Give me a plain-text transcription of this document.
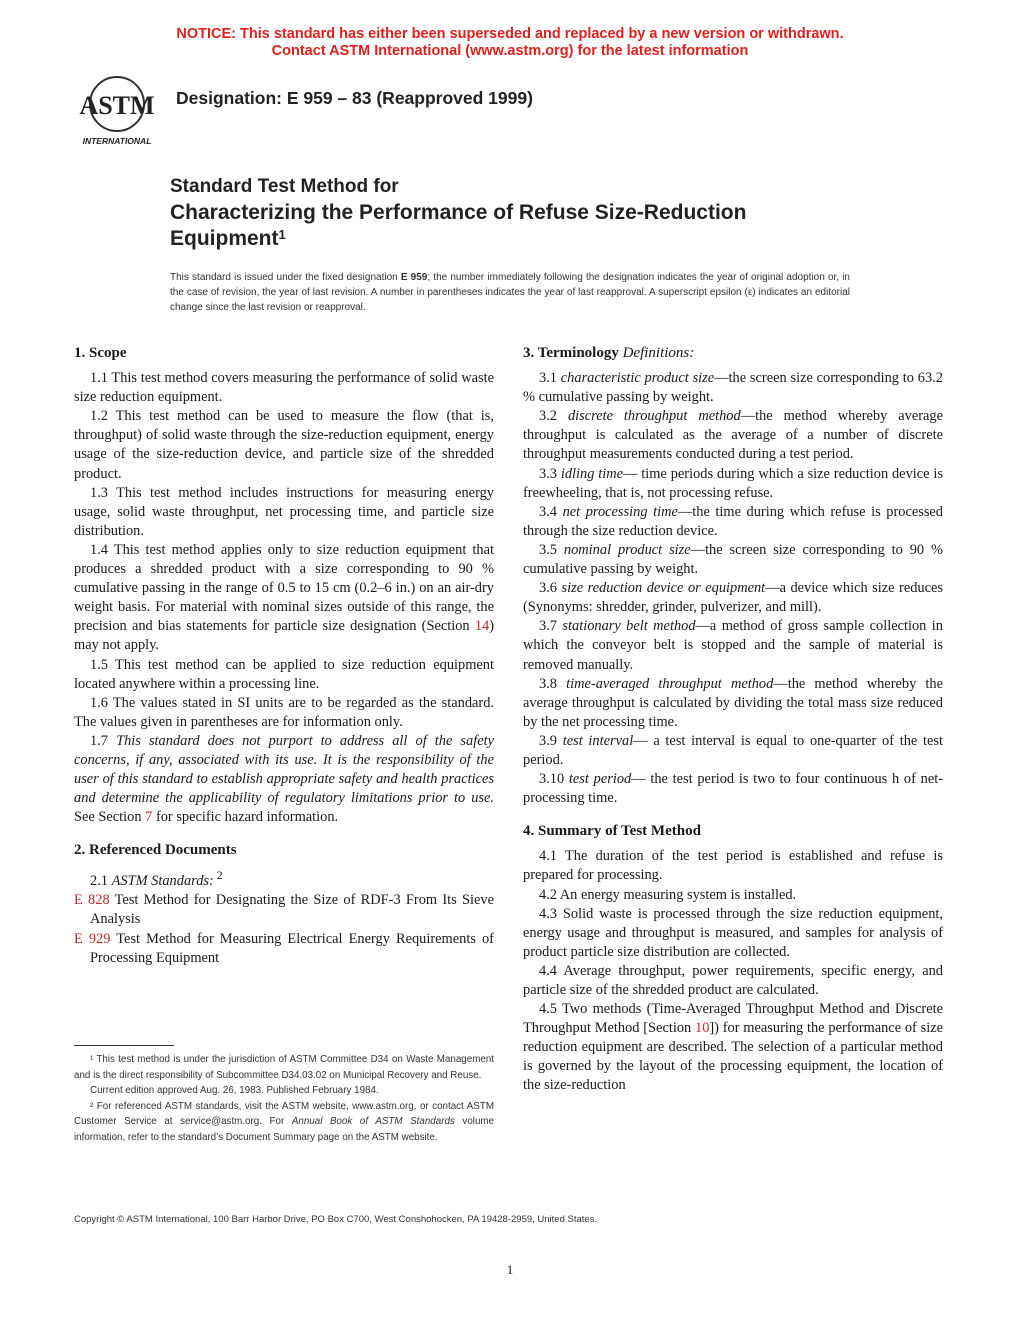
NOTICE: This standard has either been superseded and replaced by a new version or withdrawn.
Contact ASTM International (www.astm.org) for the latest information
ASTM
INTERNATIONAL
Designation: E 959 – 83 (Reapproved 1999)
Standard Test Method for
Characterizing the Performance of Refuse Size-Reduction
Equipment$^1$
This standard is issued under the fixed designation E 959; the number immediately following the designation indicates the year of original adoption or, in the case of revision, the year of last revision. A number in parentheses indicates the year of last reapproval. A superscript epsilon (ε) indicates an editorial change since the last revision or reapproval.

1. Scope

1.1 This test method covers measuring the performance of solid waste size reduction equipment.

1.2 This test method can be used to measure the flow (that is, throughput) of solid waste through the size-reduction equipment, energy usage of the size-reduction device, and particle size of the shredded product.

1.3 This test method includes instructions for measuring energy usage, solid waste throughput, net processing time, and particle size distribution.

1.4 This test method applies only to size reduction equipment that produces a shredded product with a size corresponding to 90 % cumulative passing in the range of 0.5 to 15 cm (0.2–6 in.) on an air-dry weight basis. For material with nominal sizes outside of this range, the precision and bias statements for particle size designation (Section 14) may not apply.

1.5 This test method can be applied to size reduction equipment located anywhere within a processing line.

1.6 The values stated in SI units are to be regarded as the standard. The values given in parentheses are for information only.

1.7 This standard does not purport to address all of the safety concerns, if any, associated with its use. It is the responsibility of the user of this standard to establish appropriate safety and health practices and determine the applicability of regulatory limitations prior to use. See Section 7 for specific hazard information.

2. Referenced Documents

2.1 ASTM Standards: $^2$

E 828 Test Method for Designating the Size of RDF-3 From Its Sieve Analysis

E 929 Test Method for Measuring Electrical Energy Requirements of Processing Equipment

¹ This test method is under the jurisdiction of ASTM Committee D34 on Waste Management and is the direct responsibility of Subcommittee D34.03.02 on Municipal Recovery and Reuse.

Current edition approved Aug. 26, 1983. Published February 1984.

² For referenced ASTM standards, visit the ASTM website, www.astm.org, or contact ASTM Customer Service at service@astm.org. For Annual Book of ASTM Standards volume information, refer to the standard’s Document Summary page on the ASTM website.

3. Terminology Definitions:

3.1 characteristic product size—the screen size corresponding to 63.2 % cumulative passing by weight.

3.2 discrete throughput method—the method whereby average throughput is calculated as the average of a number of discrete throughput measurements conducted during a test period.

3.3 idling time— time periods during which a size reduction device is freewheeling, that is, not processing refuse.

3.4 net processing time—the time during which refuse is processed through the size reduction device.

3.5 nominal product size—the screen size corresponding to 90 % cumulative passing by weight.

3.6 size reduction device or equipment—a device which size reduces (Synonyms: shredder, grinder, pulverizer, and mill).

3.7 stationary belt method—a method of gross sample collection in which the conveyor belt is stopped and the sample of material is removed manually.

3.8 time-averaged throughput method—the method whereby the average throughput is calculated by dividing the total mass size reduced by the net processing time.

3.9 test interval— a test interval is equal to one-quarter of the test period.

3.10 test period— the test period is two to four continuous h of net-processing time.

4. Summary of Test Method

4.1 The duration of the test period is established and refuse is prepared for processing.

4.2 An energy measuring system is installed.

4.3 Solid waste is processed through the size reduction equipment, energy usage and throughput is measured, and samples for analysis of product particle size distribution are collected.

4.4 Average throughput, power requirements, specific energy, and particle size of the shredded product are calculated.

4.5 Two methods (Time-Averaged Throughput Method and Discrete Throughput Method [Section 10]) for measuring the performance of size reduction equipment are described. The selection of a particular method is governed by the layout of the processing equipment, the location of the size-reduction

Copyright © ASTM International, 100 Barr Harbor Drive, PO Box C700, West Conshohocken, PA 19428-2959, United States.
1
